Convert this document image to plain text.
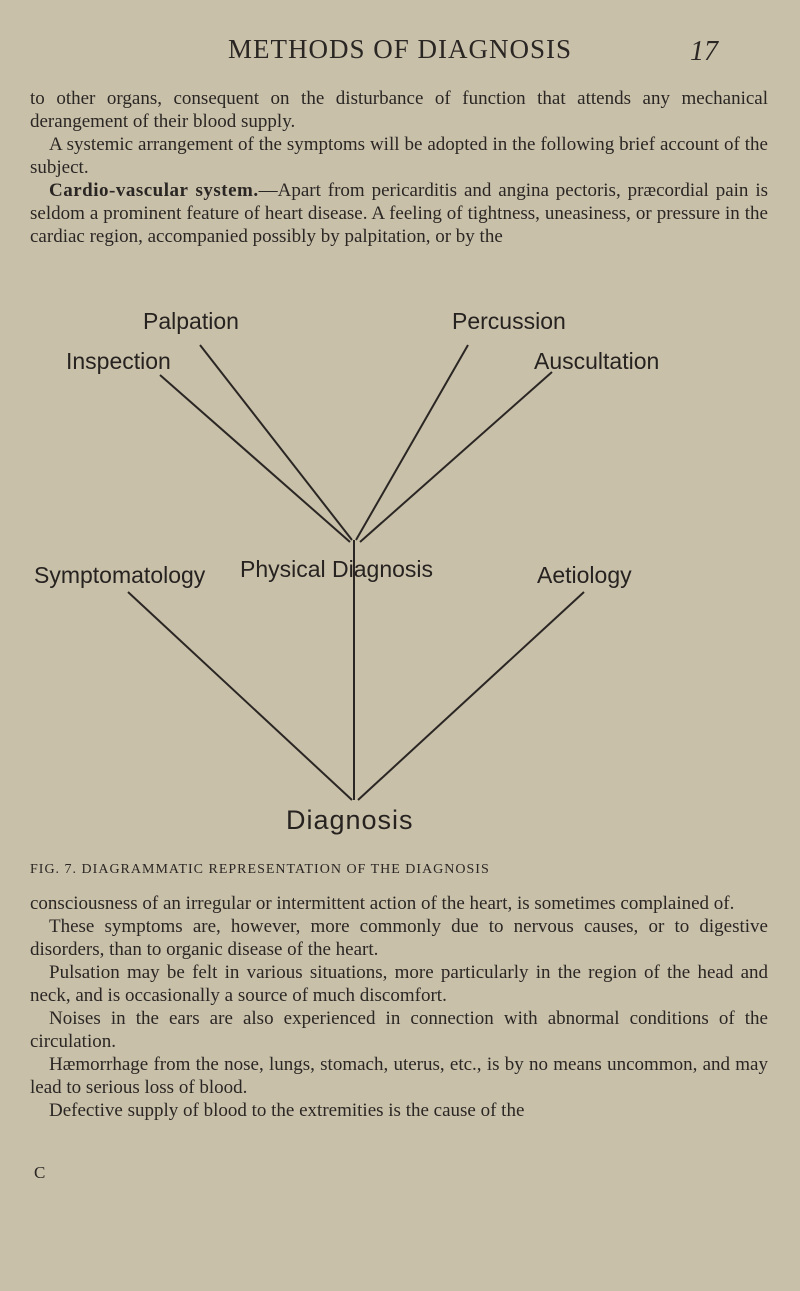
METHODS OF DIAGNOSIS	17

to other organs, consequent on the disturbance of function that attends any mechanical derangement of their blood supply.

A systemic arrangement of the symptoms will be adopted in the following brief account of the subject.

Cardio-vascular system.—Apart from pericarditis and angina pectoris, præcordial pain is seldom a prominent feature of heart disease. A feeling of tightness, uneasiness, or pressure in the cardiac region, accompanied possibly by palpitation, or by the

Palpation	Percussion
Inspection	Auscultation
Symptomatology Physical Diagnosis	Aetiology
Diagnosis
FIG. 7. DIAGRAMMATIC REPRESENTATION OF THE DIAGNOSIS

consciousness of an irregular or intermittent action of the heart, is sometimes complained of.

These symptoms are, however, more commonly due to nervous causes, or to digestive disorders, than to organic disease of the heart.

Pulsation may be felt in various situations, more particularly in the region of the head and neck, and is occasionally a source of much discomfort.

Noises in the ears are also experienced in connection with abnormal conditions of the circulation.

Hæmorrhage from the nose, lungs, stomach, uterus, etc., is by no means uncommon, and may lead to serious loss of blood.

Defective supply of blood to the extremities is the cause of the

C
